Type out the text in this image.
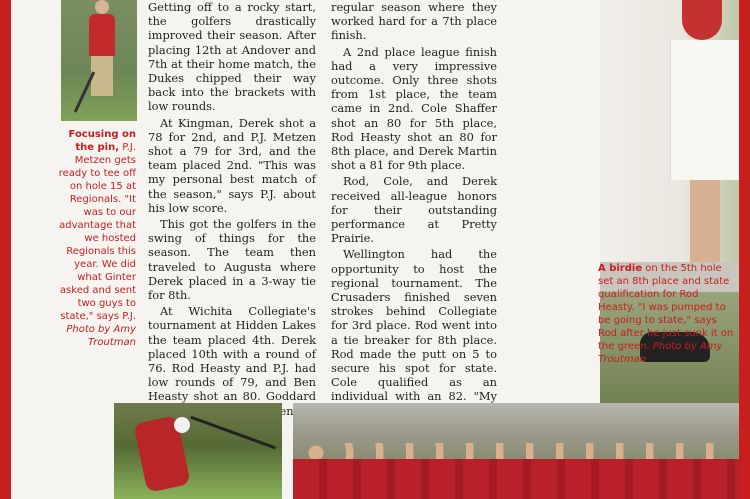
Focusing on the pin, P.J. Metzen gets ready to tee off on hole 15 at Regionals. "It was to our advantage that we hosted Regionals this year. We did what Ginter asked and sent two guys to state," says P.J. Photo by Amy Troutman

Getting off to a rocky start, the golfers drastically improved their season. After placing 12th at Andover and 7th at their home match, the Dukes chipped their way back into the brackets with low rounds.

At Kingman, Derek shot a 78 for 2nd, and P.J. Metzen shot a 79 for 3rd, and the team placed 2nd. "This was my personal best match of the season," says P.J. about his low score.

This got the golfers in the swing of things for the season. The team then traveled to Augusta where Derek placed in a 3-way tie for 8th.

At Wichita Collegiate's tournament at Hidden Lakes the team placed 4th. Derek placed 10th with a round of 76. Rod Heasty and P.J. had low rounds of 79, and Ben Heasty shot an 80. Goddard

regular season where they worked hard for a 7th place finish.

A 2nd place league finish had a very impressive outcome. Only three shots from 1st place, the team came in 2nd. Cole Shaffer shot an 80 for 5th place, Rod Heasty shot an 80 for 8th place, and Derek Martin shot a 81 for 9th place.

Rod, Cole, and Derek received all-league honors for their outstanding performance at Pretty Prairie.

Wellington had the opportunity to host the regional tournament. The Crusaders finished seven strokes behind Collegiate for 3rd place. Rod went into a tie breaker for 8th place. Rod made the putt on 5 to secure his spot for state. Cole qualified as an individual with an 82. "My

A birdie on the 5th hole set an 8th place and state qualification for Rod Heasty. "I was pumped to be going to state," says Rod after he just sunk it on the green. Photo by Amy Troutman
